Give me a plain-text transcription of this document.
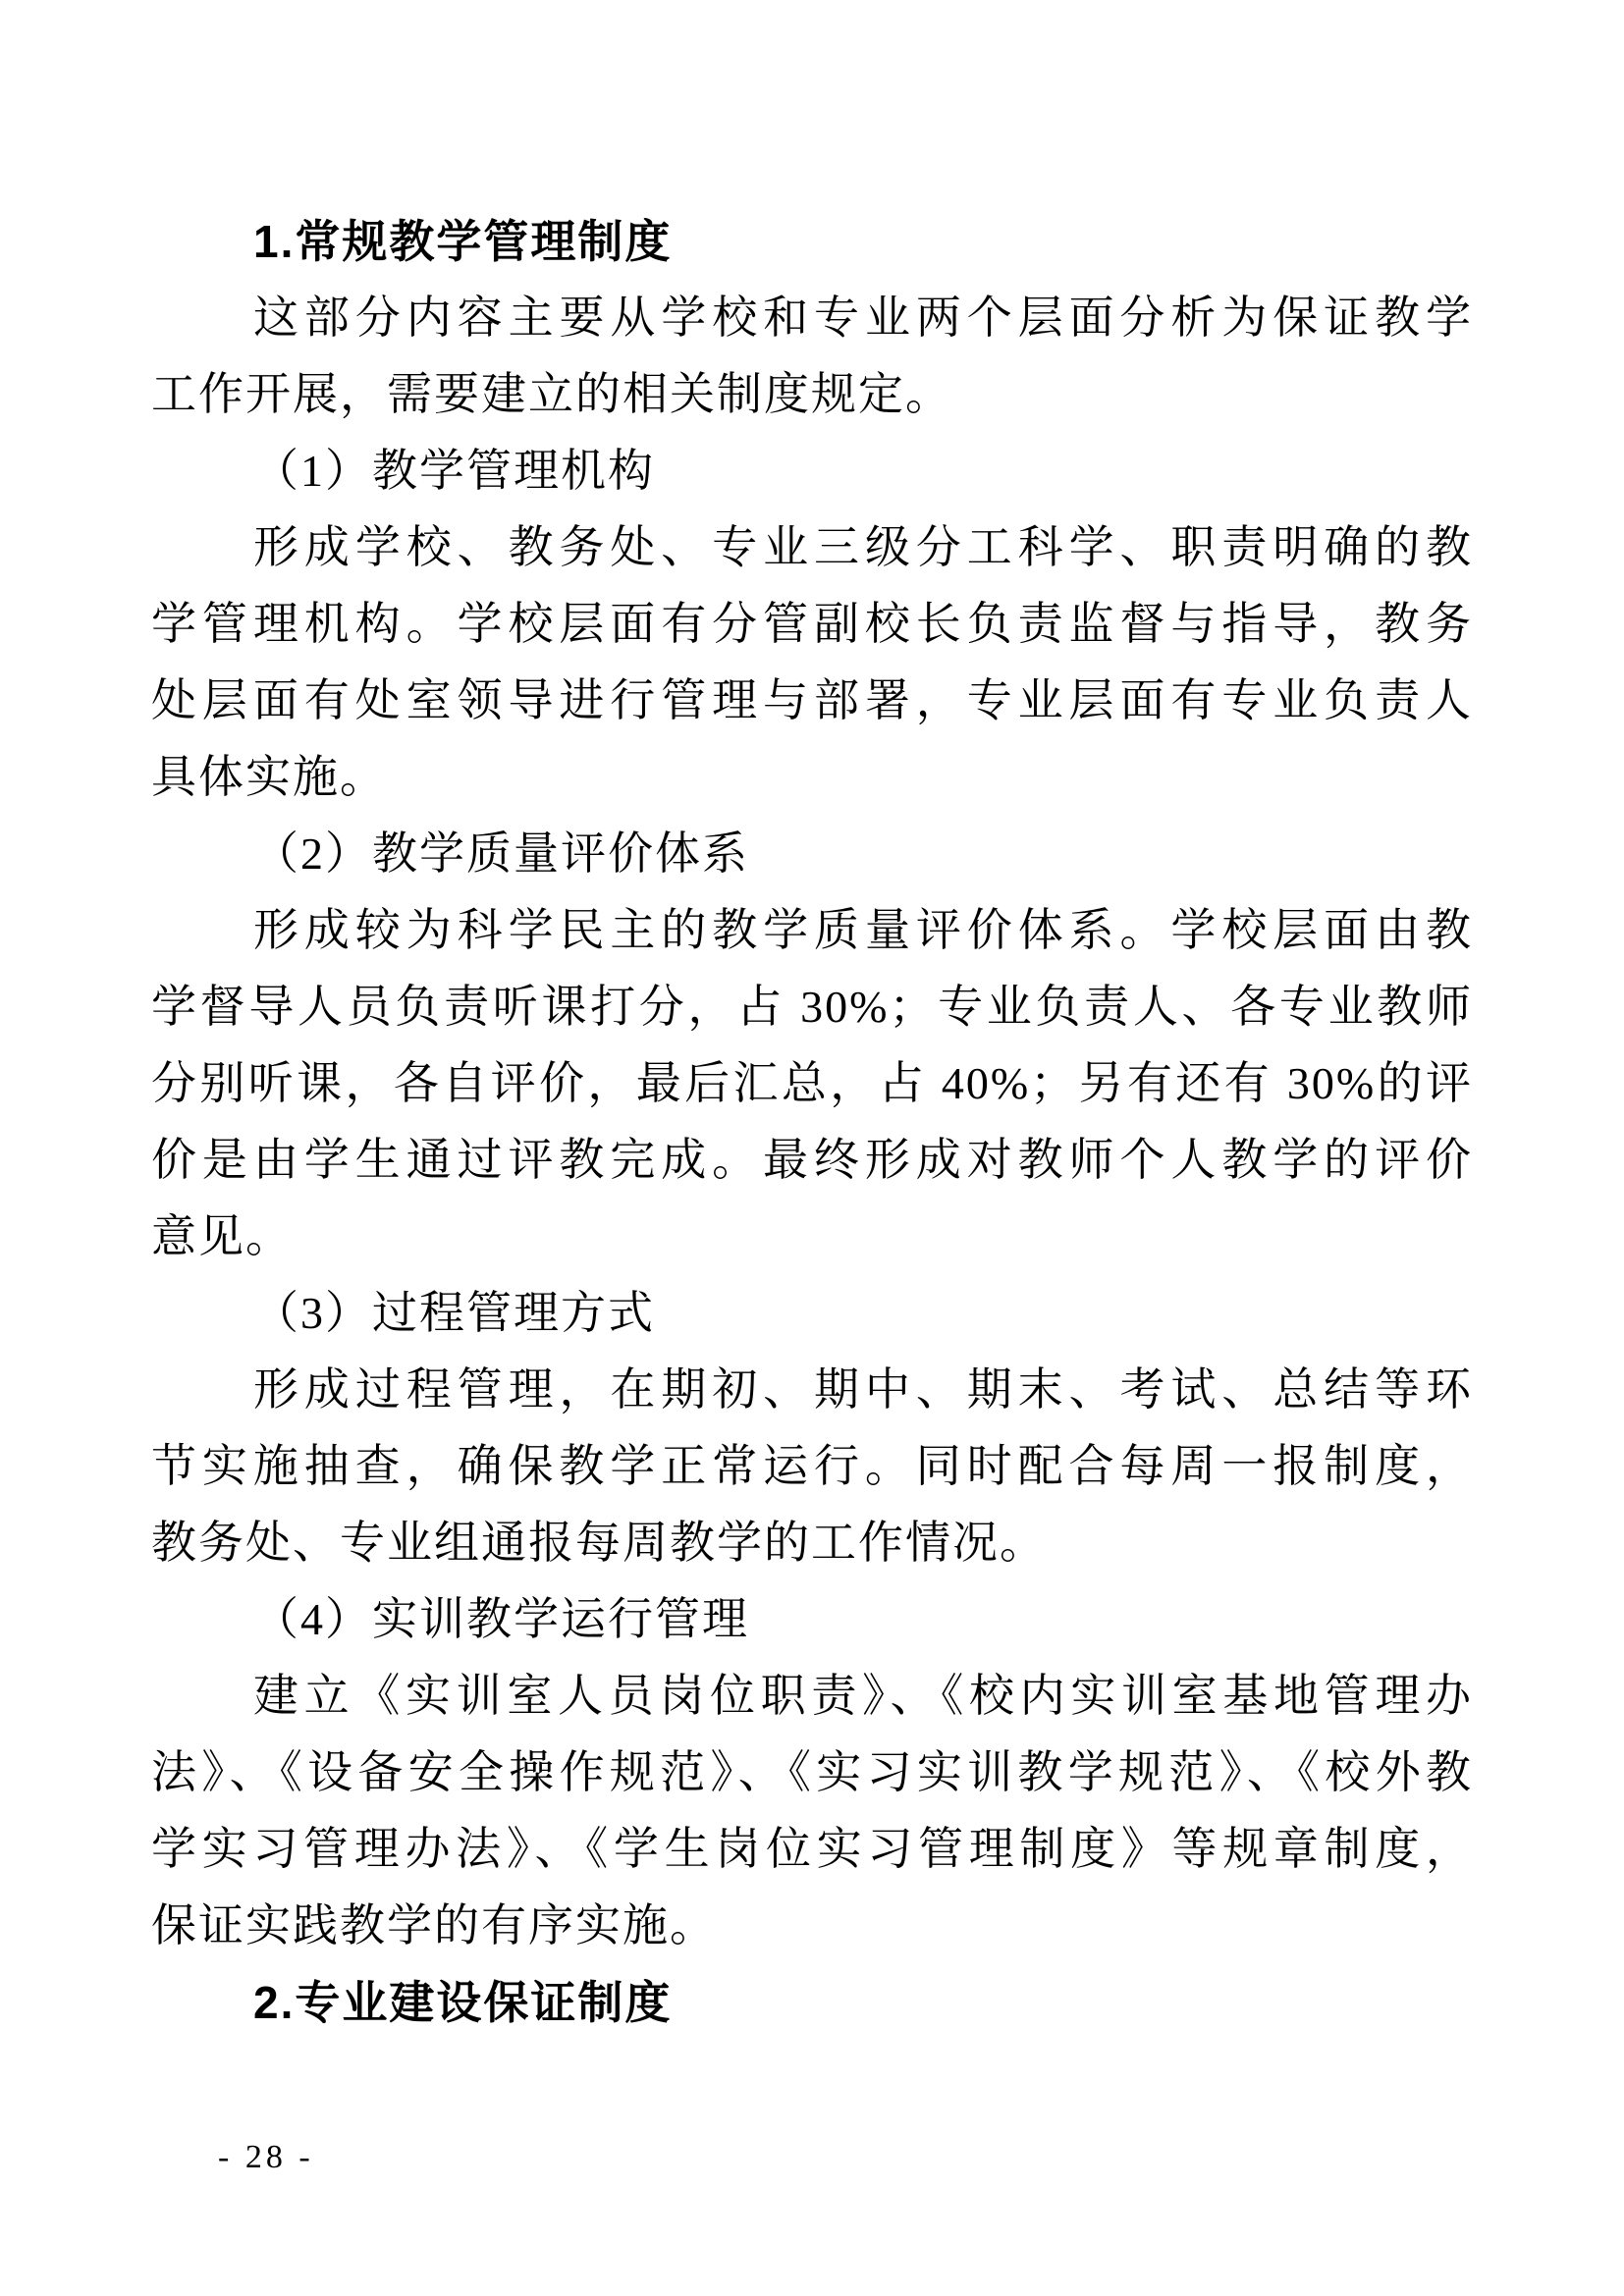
1.常规教学管理制度
这部分内容主要从学校和专业两个层面分析为保证教学
工作开展，需要建立的相关制度规定。
（1）教学管理机构
形成学校、教务处、专业三级分工科学、职责明确的教
学管理机构。学校层面有分管副校长负责监督与指导，教务
处层面有处室领导进行管理与部署，专业层面有专业负责人
具体实施。
（2）教学质量评价体系
形成较为科学民主的教学质量评价体系。学校层面由教
学督导人员负责听课打分，占 30%；专业负责人、各专业教师
分别听课，各自评价，最后汇总，占 40%；另有还有 30%的评
价是由学生通过评教完成。最终形成对教师个人教学的评价
意见。
（3）过程管理方式
形成过程管理，在期初、期中、期末、考试、总结等环
节实施抽查，确保教学正常运行。同时配合每周一报制度，
教务处、专业组通报每周教学的工作情况。
（4）实训教学运行管理
建立《实训室人员岗位职责》、《校内实训室基地管理办
法》、《设备安全操作规范》、《实习实训教学规范》、《校外教
学实习管理办法》、《学生岗位实习管理制度》等规章制度，
保证实践教学的有序实施。
2.专业建设保证制度
- 28 -
